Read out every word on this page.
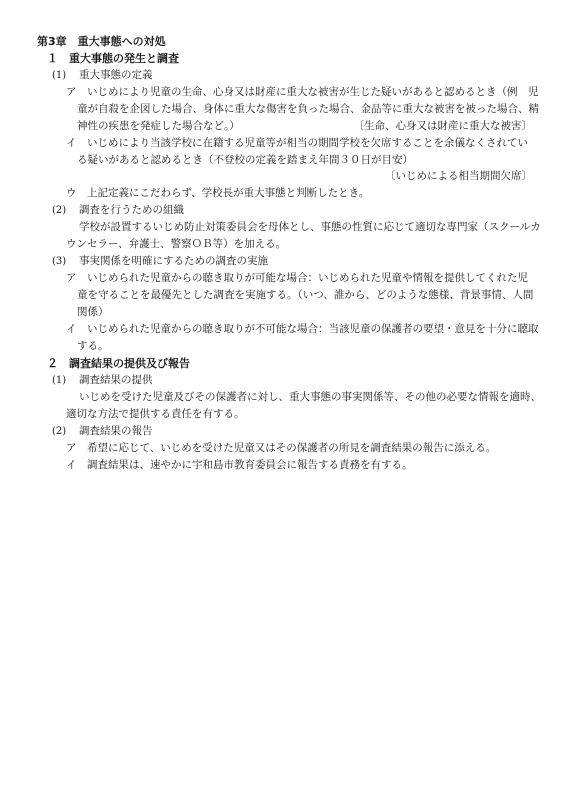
第3章　重大事態への対処
１　重大事態の発生と調査
(1) 重大事態の定義
ア いじめにより児童の生命、心身又は財産に重大な被害が生じた疑いがあると認めるとき（例　児
童が自殺を企図した場合、身体に重大な傷害を負った場合、金品等に重大な被害を被った場合、精
神性の疾患を発症した場合など。）	〔生命、心身又は財産に重大な被害〕
イ いじめにより当該学校に在籍する児童等が相当の期間学校を欠席することを余儀なくされてい
る疑いがあると認めるとき（不登校の定義を踏まえ年間３０日が目安）
〔いじめによる相当期間欠席〕
ウ 上記定義にこだわらず、学校長が重大事態と判断したとき。
(2) 調査を行うための組織
学校が設置するいじめ防止対策委員会を母体とし、事態の性質に応じて適切な専門家（スクールカ
ウンセラー、弁護士、警察ＯＢ等）を加える。
(3) 事実関係を明確にするための調査の実施
ア いじめられた児童からの聴き取りが可能な場合：いじめられた児童や情報を提供してくれた児
童を守ることを最優先とした調査を実施する。（いつ、誰から、どのような態様、背景事情、人間
関係）
イ いじめられた児童からの聴き取りが不可能な場合：当該児童の保護者の要望・意見を十分に聴取
する。
２　調査結果の提供及び報告
(1) 調査結果の提供
いじめを受けた児童及びその保護者に対し、重大事態の事実関係等、その他の必要な情報を適時、
適切な方法で提供する責任を有する。
(2) 調査結果の報告
ア 希望に応じて、いじめを受けた児童又はその保護者の所見を調査結果の報告に添える。
イ 調査結果は、速やかに宇和島市教育委員会に報告する責務を有する。
